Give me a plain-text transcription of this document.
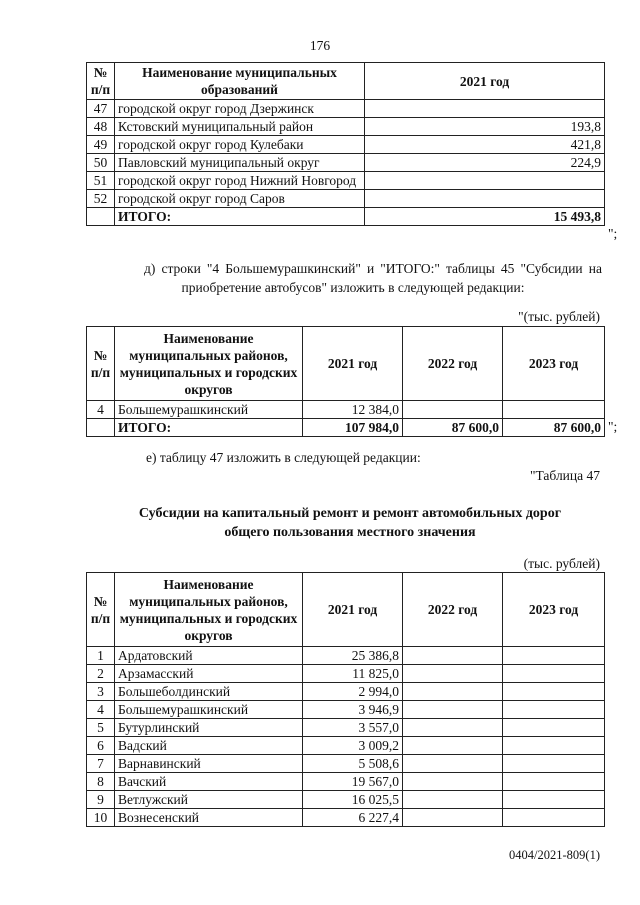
176
№ п/п	Наименование муниципальных образований	2021 год
47	городской округ город Дзержинск	
48	Кстовский муниципальный район	193,8
49	городской округ город Кулебаки	421,8
50	Павловский муниципальный округ	224,9
51	городской округ город Нижний Новгород	
52	городской округ город Саров	
	ИТОГО:	15 493,8
";
д) строки "4 Большемурашкинский" и "ИТОГО:" таблицы 45 "Субсидии на приобретение автобусов" изложить в следующей редакции:
"(тыс. рублей)
№ п/п	Наименование муниципальных районов, муниципальных и городских округов	2021 год	2022 год	2023 год
4	Большемурашкинский	12 384,0		
	ИТОГО:	107 984,0	87 600,0	87 600,0 ";
е) таблицу 47 изложить в следующей редакции:
"Таблица 47
Субсидии на капитальный ремонт и ремонт автомобильных дорог
общего пользования местного значения
(тыс. рублей)
№ п/п	Наименование муниципальных районов, муниципальных и городских округов	2021 год	2022 год	2023 год
1	Ардатовский	25 386,8		
2	Арзамасский	11 825,0		
3	Большеболдинский	2 994,0		
4	Большемурашкинский	3 946,9		
5	Бутурлинский	3 557,0		
6	Вадский	3 009,2		
7	Варнавинский	5 508,6		
8	Вачский	19 567,0		
9	Ветлужский	16 025,5		
10	Вознесенский	6 227,4		
0404/2021-809(1)
